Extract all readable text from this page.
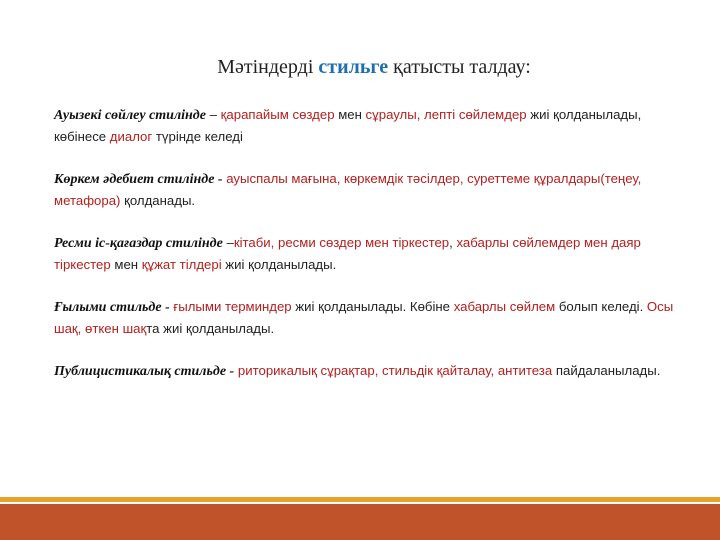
Мәтіндерді стильге қатысты талдау:

Ауызекі сөйлеу стилінде – қарапайым сөздер мен сұраулы, лепті сөйлемдер жиі қолданылады, көбінесе диалог түрінде келеді

Көркем әдебиет стилінде - ауыспалы мағына, көркемдік тәсілдер, суреттеме құралдары(теңеу, метафора) қолданады.

Ресми іс-қағаздар стилінде –кітаби, ресми сөздер мен тіркестер, хабарлы сөйлемдер мен даяр тіркестер мен құжат тілдері жиі қолданылады.

Ғылыми стильде - ғылыми терминдер жиі қолданылады. Көбіне хабарлы сөйлем болып келеді. Осы шақ, өткен шақта жиі қолданылады.

Публицистикалық стильде - риторикалық сұрақтар, стильдік қайталау, антитеза пайдаланылады.
